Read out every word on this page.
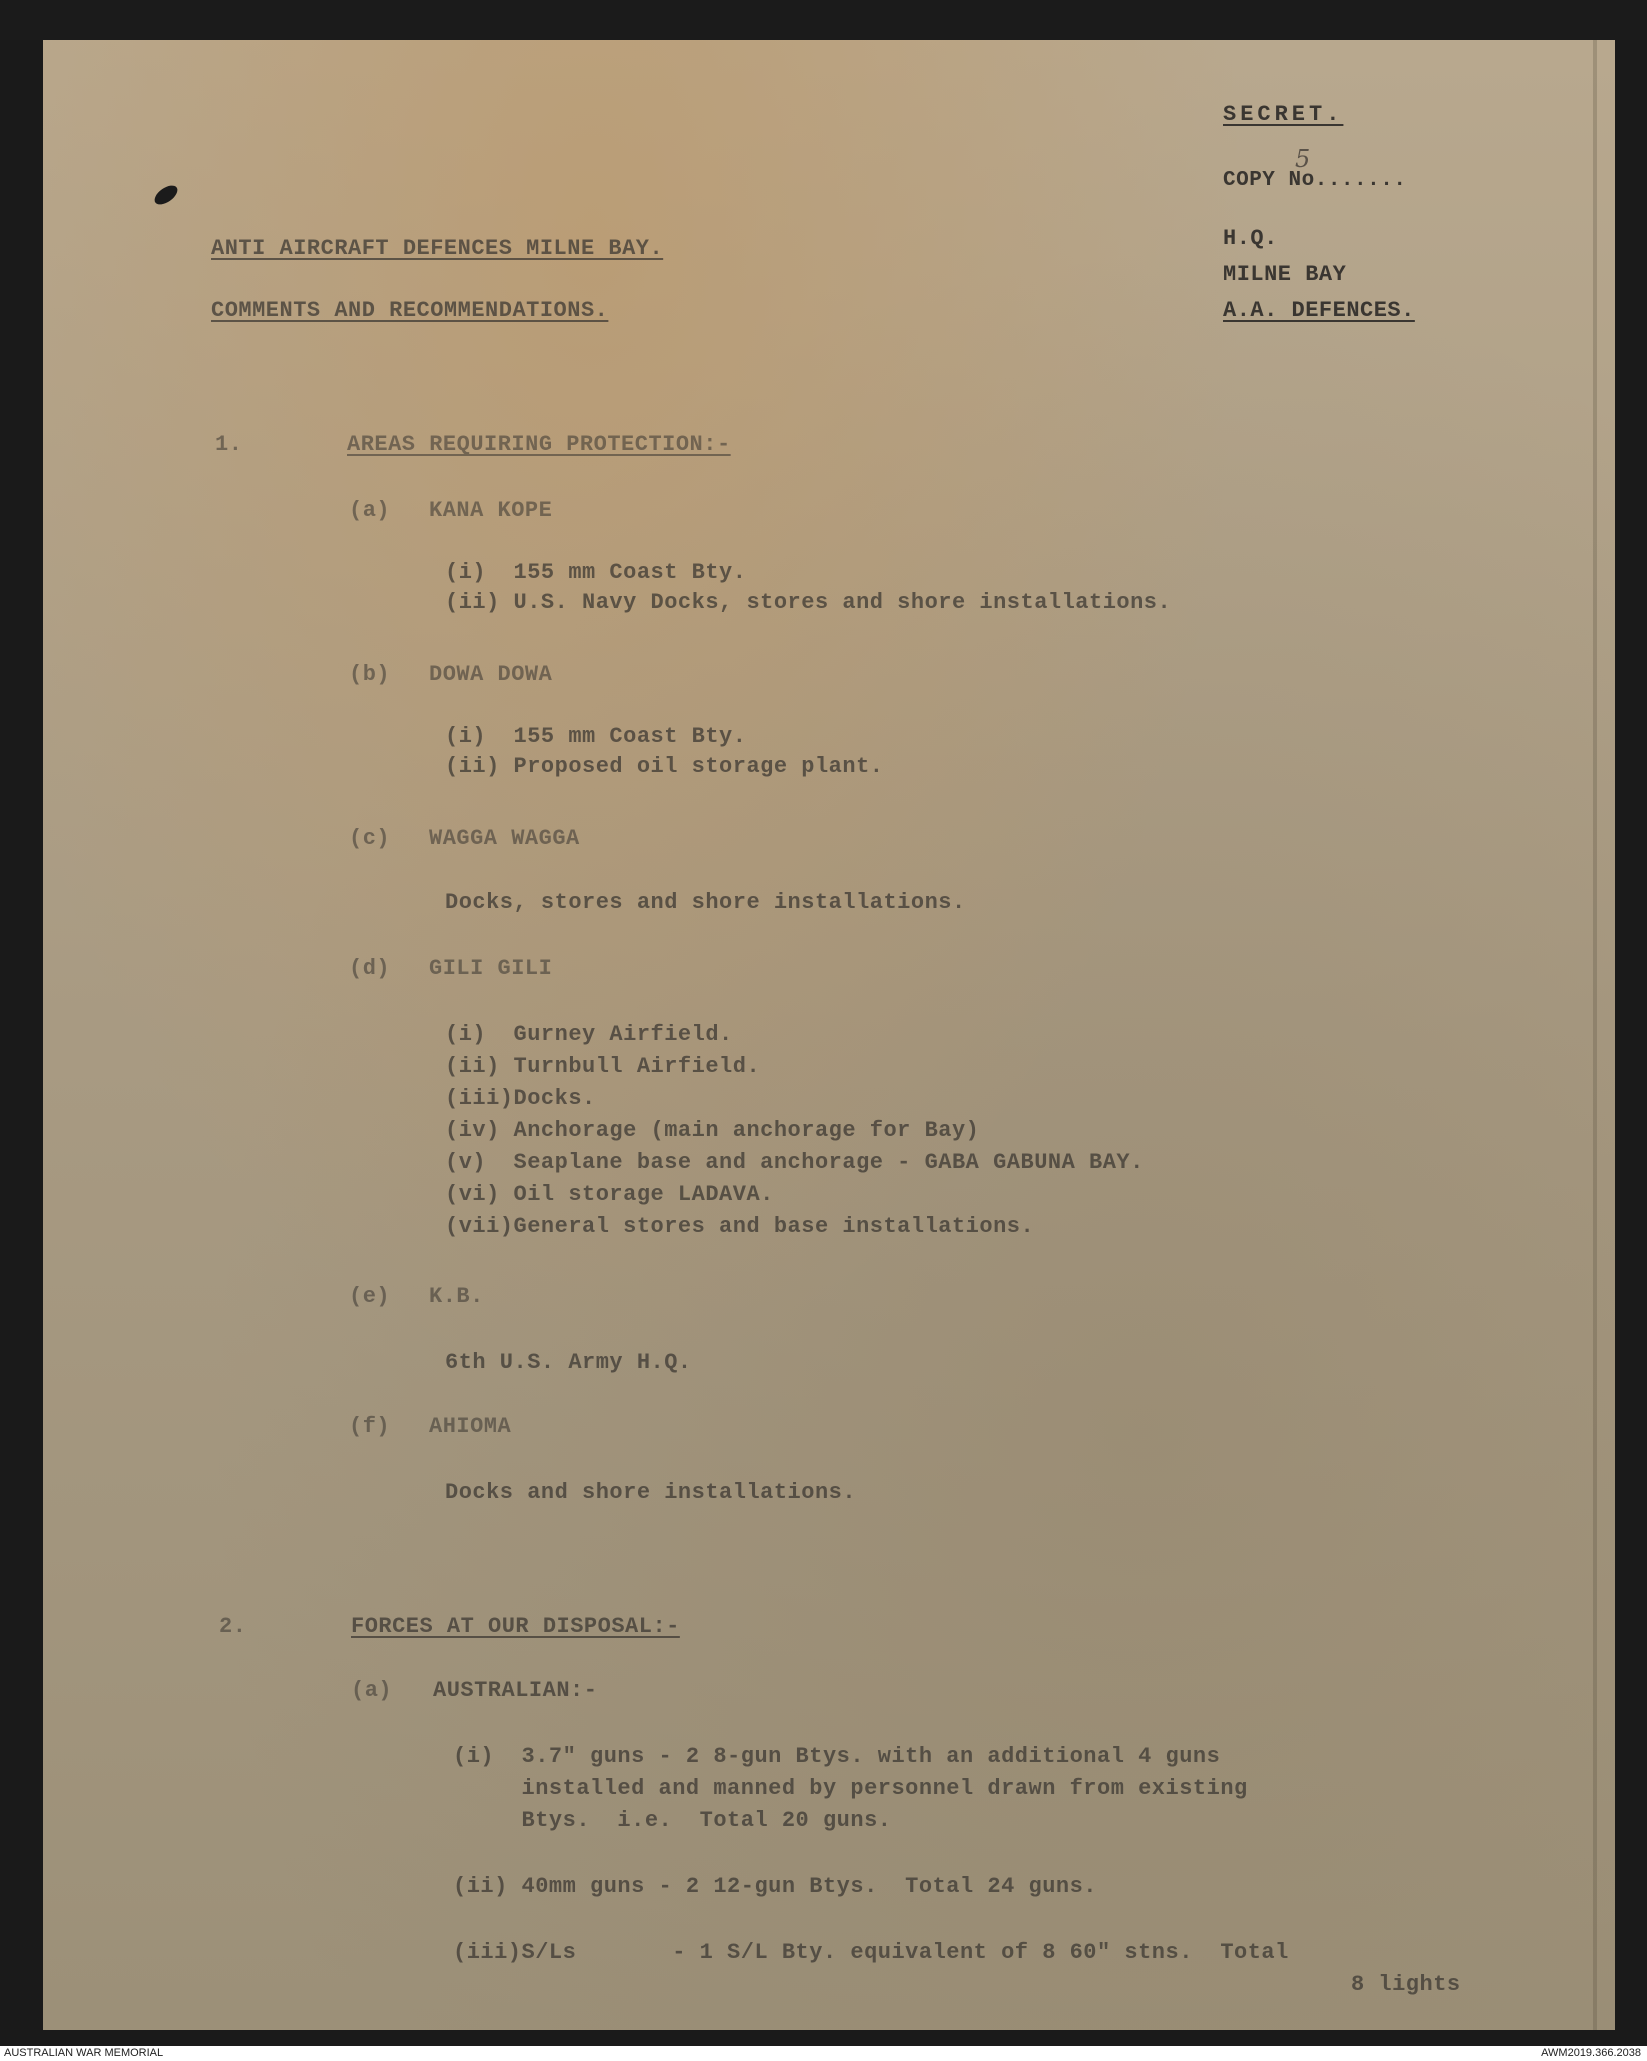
SECRET.
COPY No.......
5
H.Q.
MILNE BAY
A.A. DEFENCES.
ANTI AIRCRAFT DEFENCES MILNE BAY.
COMMENTS AND RECOMMENDATIONS.
1.	AREAS REQUIRING PROTECTION:-
(a) KANA KOPE
(i)  155 mm Coast Bty.
(ii) U.S. Navy Docks, stores and shore installations.
(b) DOWA DOWA
(i)  155 mm Coast Bty.
(ii) Proposed oil storage plant.
(c) WAGGA WAGGA
Docks, stores and shore installations.
(d) GILI GILI
(i)  Gurney Airfield.
(ii) Turnbull Airfield.
(iii)Docks.
(iv) Anchorage (main anchorage for Bay)
(v)  Seaplane base and anchorage - GABA GABUNA BAY.
(vi) Oil storage LADAVA.
(vii)General stores and base installations.
(e) K.B.
6th U.S. Army H.Q.
(f) AHIOMA
Docks and shore installations.
2.	FORCES AT OUR DISPOSAL:-
(a) AUSTRALIAN:-
(i)  3.7" guns - 2 8-gun Btys. with an additional 4 guns
installed and manned by personnel drawn from existing
Btys.  i.e.  Total 20 guns.
(ii) 40mm guns - 2 12-gun Btys.  Total 24 guns.
(iii)S/Ls       - 1 S/L Bty. equivalent of 8 60" stns.  Total
8 lights
AUSTRALIAN WAR MEMORIAL	AWM2019.366.2038
